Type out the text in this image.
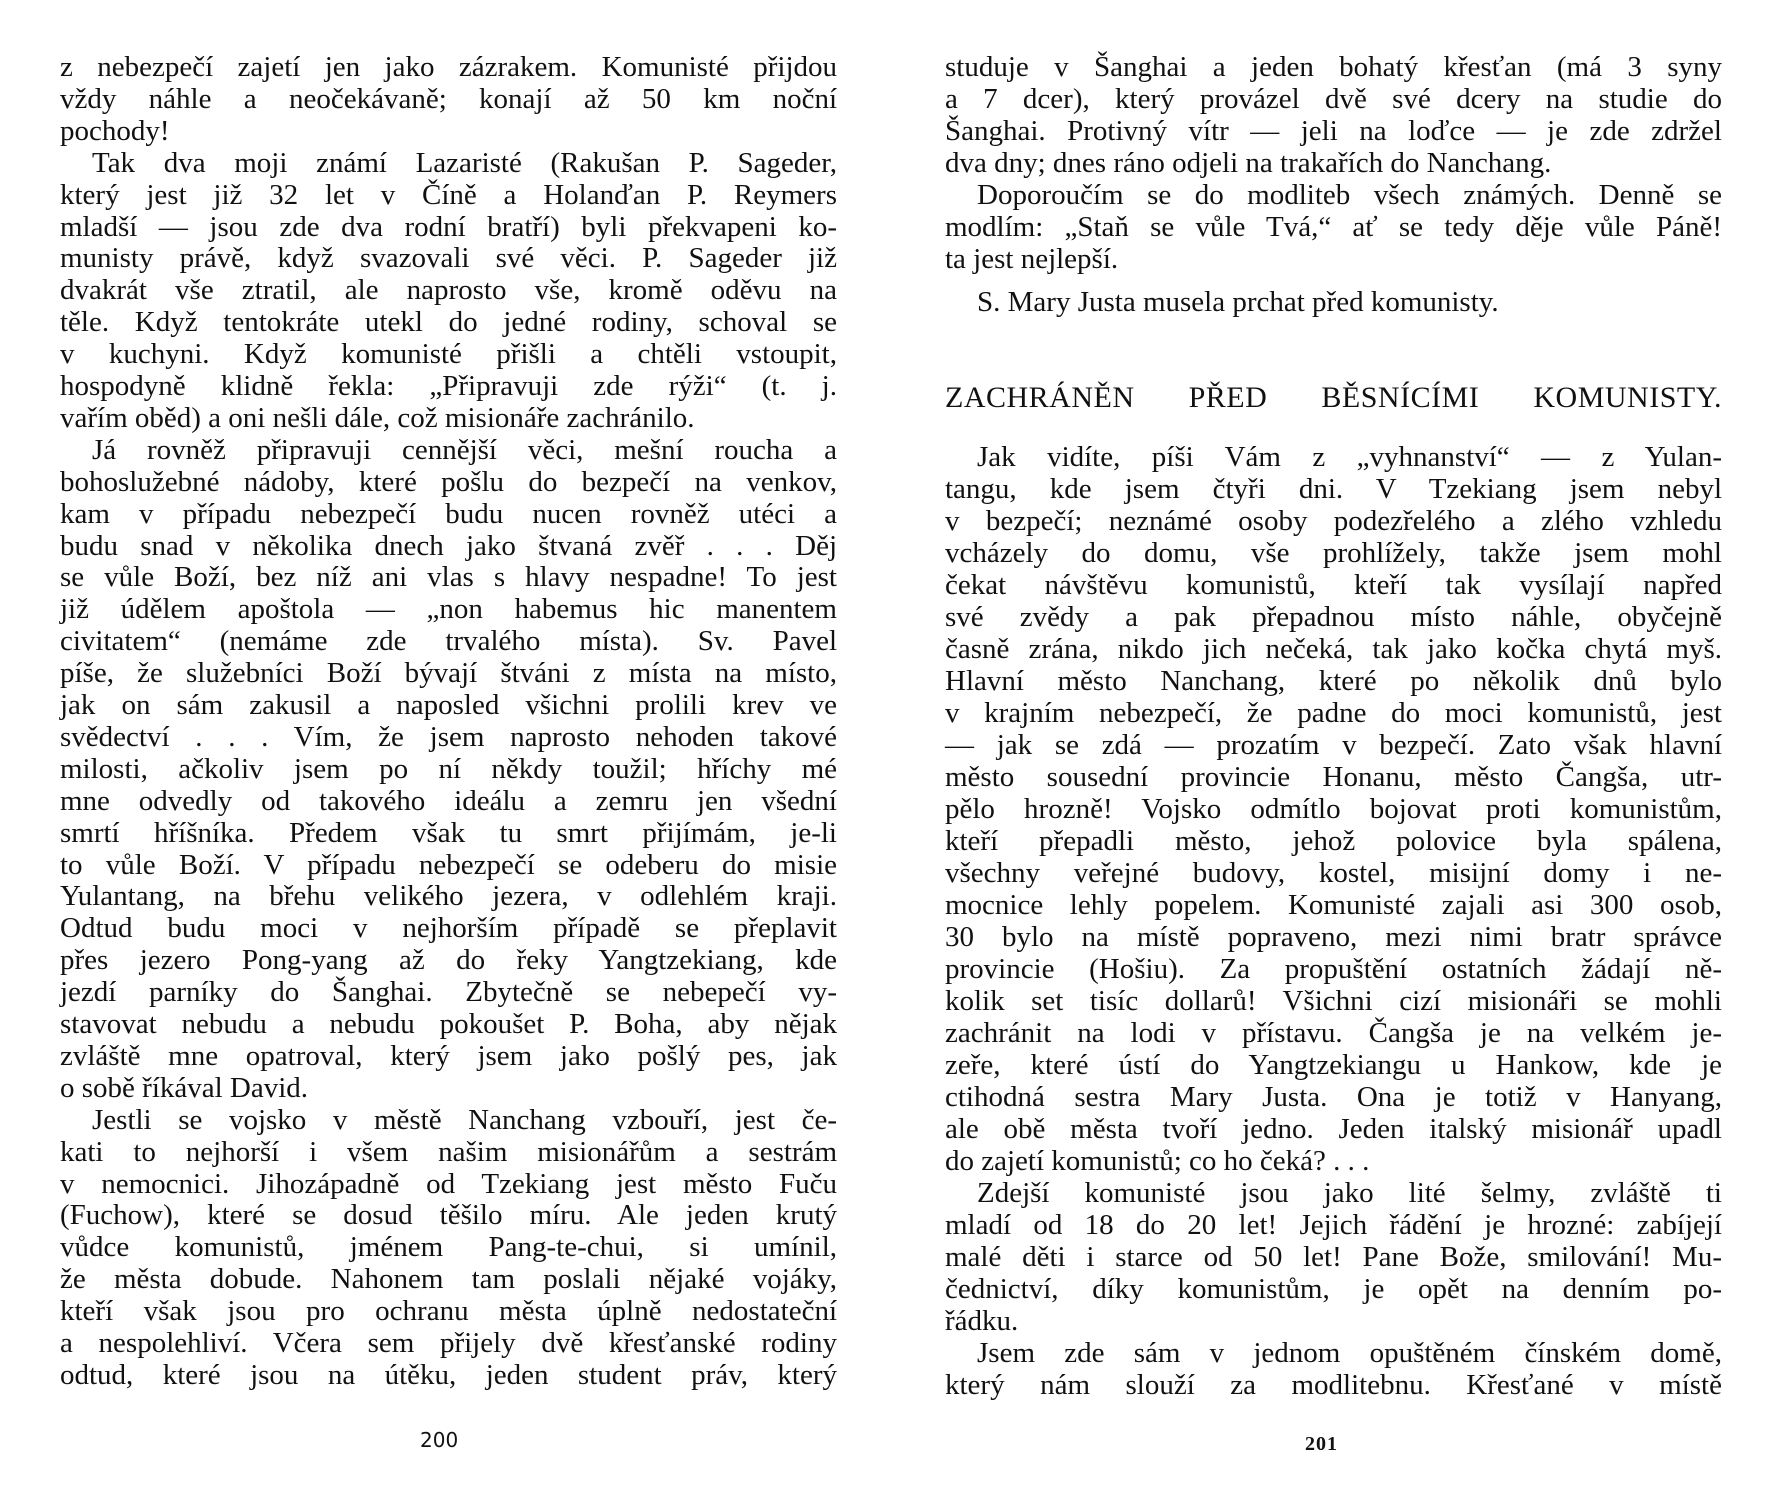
z nebezpečí zajetí jen jako zázrakem. Komunisté přijdou
vždy náhle a neočekávaně; konají až 50 km noční
pochody!
Tak dva moji známí Lazaristé (Rakušan P. Sageder,
který jest již 32 let v Číně a Holanďan P. Reymers
mladší — jsou zde dva rodní bratří) byli překvapeni ko-
munisty právě, když svazovali své věci. P. Sageder již
dvakrát vše ztratil, ale naprosto vše, kromě oděvu na
těle. Když tentokráte utekl do jedné rodiny, schoval se
v kuchyni. Když komunisté přišli a chtěli vstoupit,
hospodyně klidně řekla: „Připravuji zde rýži“ (t. j.
vařím oběd) a oni nešli dále, což misionáře zachránilo.
Já rovněž připravuji cennější věci, mešní roucha a
bohoslužebné nádoby, které pošlu do bezpečí na venkov,
kam v případu nebezpečí budu nucen rovněž utéci a
budu snad v několika dnech jako štvaná zvěř . . . Děj
se vůle Boží, bez níž ani vlas s hlavy nespadne! To jest
již údělem apoštola — „non habemus hic manentem
civitatem“ (nemáme zde trvalého místa). Sv. Pavel
píše, že služebníci Boží bývají štváni z místa na místo,
jak on sám zakusil a naposled všichni prolili krev ve
svědectví . . . Vím, že jsem naprosto nehoden takové
milosti, ačkoliv jsem po ní někdy toužil; hříchy mé
mne odvedly od takového ideálu a zemru jen všední
smrtí hříšníka. Předem však tu smrt přijímám, je-li
to vůle Boží. V případu nebezpečí se odeberu do misie
Yulantang, na břehu velikého jezera, v odlehlém kraji.
Odtud budu moci v nejhorším případě se přeplavit
přes jezero Pong-yang až do řeky Yangtzekiang, kde
jezdí parníky do Šanghai. Zbytečně se nebepečí vy-
stavovat nebudu a nebudu pokoušet P. Boha, aby nějak
zvláště mne opatroval, který jsem jako pošlý pes, jak
o sobě říkával David.
Jestli se vojsko v městě Nanchang vzbouří, jest če-
kati to nejhorší i všem našim misionářům a sestrám
v nemocnici. Jihozápadně od Tzekiang jest město Fuču
(Fuchow), které se dosud těšilo míru. Ale jeden krutý
vůdce komunistů, jménem Pang-te-chui, si umínil,
že města dobude. Nahonem tam poslali nějaké vojáky,
kteří však jsou pro ochranu města úplně nedostateční
a nespolehliví. Včera sem přijely dvě křesťanské rodiny
odtud, které jsou na útěku, jeden student práv, který
200
S. Mary Justa musela prchat před komunisty.
ZACHRÁNĚN PŘED BĚSNÍCÍMI KOMUNISTY.
studuje v Šanghai a jeden bohatý křesťan (má 3 syny
a 7 dcer), který provázel dvě své dcery na studie do
Šanghai. Protivný vítr — jeli na loďce — je zde zdržel
dva dny; dnes ráno odjeli na trakařích do Nanchang.
Doporoučím se do modliteb všech známých. Denně se
modlím: „Staň se vůle Tvá,“ ať se tedy děje vůle Páně!
ta jest nejlepší.
Jak vidíte, píši Vám z „vyhnanství“ — z Yulan-
tangu, kde jsem čtyři dni. V Tzekiang jsem nebyl
v bezpečí; neznámé osoby podezřelého a zlého vzhledu
vcházely do domu, vše prohlížely, takže jsem mohl
čekat návštěvu komunistů, kteří tak vysílají napřed
své zvědy a pak přepadnou místo náhle, obyčejně
časně zrána, nikdo jich nečeká, tak jako kočka chytá myš.
Hlavní město Nanchang, které po několik dnů bylo
v krajním nebezpečí, že padne do moci komunistů, jest
— jak se zdá — prozatím v bezpečí. Zato však hlavní
město sousední provincie Honanu, město Čangša, utr-
pělo hrozně! Vojsko odmítlo bojovat proti komunistům,
kteří přepadli město, jehož polovice byla spálena,
všechny veřejné budovy, kostel, misijní domy i ne-
mocnice lehly popelem. Komunisté zajali asi 300 osob,
30 bylo na místě popraveno, mezi nimi bratr správce
provincie (Hošiu). Za propuštění ostatních žádají ně-
kolik set tisíc dollarů! Všichni cizí misionáři se mohli
zachránit na lodi v přístavu. Čangša je na velkém je-
zeře, které ústí do Yangtzekiangu u Hankow, kde je
ctihodná sestra Mary Justa. Ona je totiž v Hanyang,
ale obě města tvoří jedno. Jeden italský misionář upadl
do zajetí komunistů; co ho čeká? . . .
Zdejší komunisté jsou jako lité šelmy, zvláště ti
mladí od 18 do 20 let! Jejich řádění je hrozné: zabíjejí
malé děti i starce od 50 let! Pane Bože, smilování! Mu-
čednictví, díky komunistům, je opět na denním po-
řádku.
Jsem zde sám v jednom opuštěném čínském domě,
který nám slouží za modlitebnu. Křesťané v místě
201
